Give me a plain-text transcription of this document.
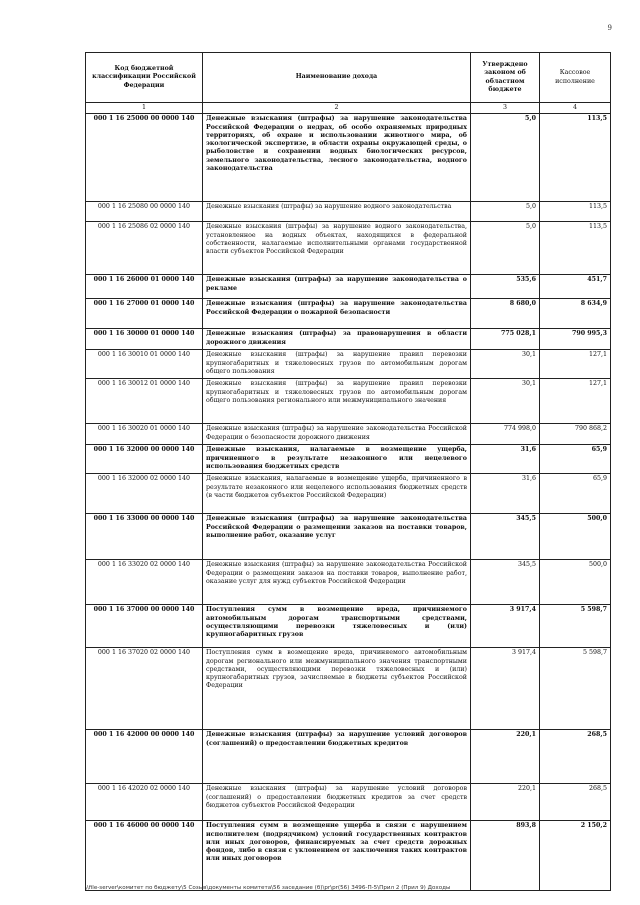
9
Код бюджетной классификации Российской Федерации	Наименование дохода	Утверждено законом об областном бюджете	Кассовое исполнение
1	2	3	4
000 1 16 25000 00 0000 140	Денежные взыскания (штрафы) за нарушение законодательства Российской Федерации о недрах, об особо охраняемых природных территориях, об охране и использовании животного мира, об экологической экспертизе, в области охраны окружающей среды, о рыболовстве и сохранении водных биологических ресурсов, земельного законодательства, лесного законодательства, водного законодательства	5,0	113,5
000 1 16 25080 00 0000 140	Денежные взыскания (штрафы) за нарушение водного законодательства	5,0	113,5
000 1 16 25086 02 0000 140	Денежные взыскания (штрафы) за нарушение водного законодательства, установленное на водных объектах, находящихся в федеральной собственности, налагаемые исполнительными органами государственной власти субъектов Российской Федерации	5,0	113,5
000 1 16 26000 01 0000 140	Денежные взыскания (штрафы) за нарушение законодательства о рекламе	535,6	451,7
000 1 16 27000 01 0000 140	Денежные взыскания (штрафы) за нарушение законодательства Российской Федерации о пожарной безопасности	8 680,0	8 634,9
000 1 16 30000 01 0000 140	Денежные взыскания (штрафы) за правонарушения в области дорожного движения	775 028,1	790 995,3
000 1 16 30010 01 0000 140	Денежные взыскания (штрафы) за нарушение правил перевозки крупногабаритных и тяжеловесных грузов по автомобильным дорогам общего пользования	30,1	127,1
000 1 16 30012 01 0000 140	Денежные взыскания (штрафы) за нарушение правил перевозки крупногабаритных и тяжеловесных грузов по автомобильным дорогам общего пользования регионального или межмуниципального значения	30,1	127,1
000 1 16 30020 01 0000 140	Денежные взыскания (штрафы) за нарушение законодательства Российской Федерации о безопасности дорожного движения	774 998,0	790 868,2
000 1 16 32000 00 0000 140	Денежные взыскания, налагаемые в возмещение ущерба, причиненного в результате незаконного или нецелевого использования бюджетных средств	31,6	65,9
000 1 16 32000 02 0000 140	Денежные взыскания, налагаемые в возмещение ущерба, причиненного в результате незаконного или нецелевого использования бюджетных средств (в части бюджетов субъектов Российской Федерации)	31,6	65,9
000 1 16 33000 00 0000 140	Денежные взыскания (штрафы) за нарушение законодательства Российской Федерации о размещении заказов на поставки товаров, выполнение работ, оказание услуг	345,5	500,0
000 1 16 33020 02 0000 140	Денежные взыскания (штрафы) за нарушение законодательства Российской Федерации о размещении заказов на поставки товаров, выполнение работ, оказание услуг для нужд субъектов Российской Федерации	345,5	500,0
000 1 16 37000 00 0000 140	Поступления сумм в возмещение вреда, причиняемого автомобильным дорогам транспортными средствами, осуществляющими перевозки тяжеловесных и (или) крупногабаритных грузов	3 917,4	5 598,7
000 1 16 37020 02 0000 140	Поступления сумм в возмещение вреда, причиняемого автомобильным дорогам регионального или межмуниципального значения транспортными средствами, осуществляющими перевозки тяжеловесных и (или) крупногабаритных грузов, зачисляемые в бюджеты субъектов Российской Федерации	3 917,4	5 598,7
000 1 16 42000 00 0000 140	Денежные взыскания (штрафы) за нарушение условий договоров (соглашений) о предоставлении бюджетных кредитов	220,1	268,5
000 1 16 42020 02 0000 140	Денежные взыскания (штрафы) за нарушение условий договоров (соглашений) о предоставлении бюджетных кредитов за счет средств бюджетов субъектов Российской Федерации	220,1	268,5
000 1 16 46000 00 0000 140	Поступления сумм в возмещение ущерба в связи с нарушением исполнителем (подрядчиком) условий государственных контрактов или иных договоров, финансируемых за счет средств дорожных фондов, либо в связи с уклонением от заключения таких контрактов или иных договоров	893,8	2 150,2
\\file-server\комитет по бюджету\5 Созыв\документы комитета\56 заседание (б)\pr\pr(56) 3496-П-5\Прил 2 (Прил 9) Доходы
